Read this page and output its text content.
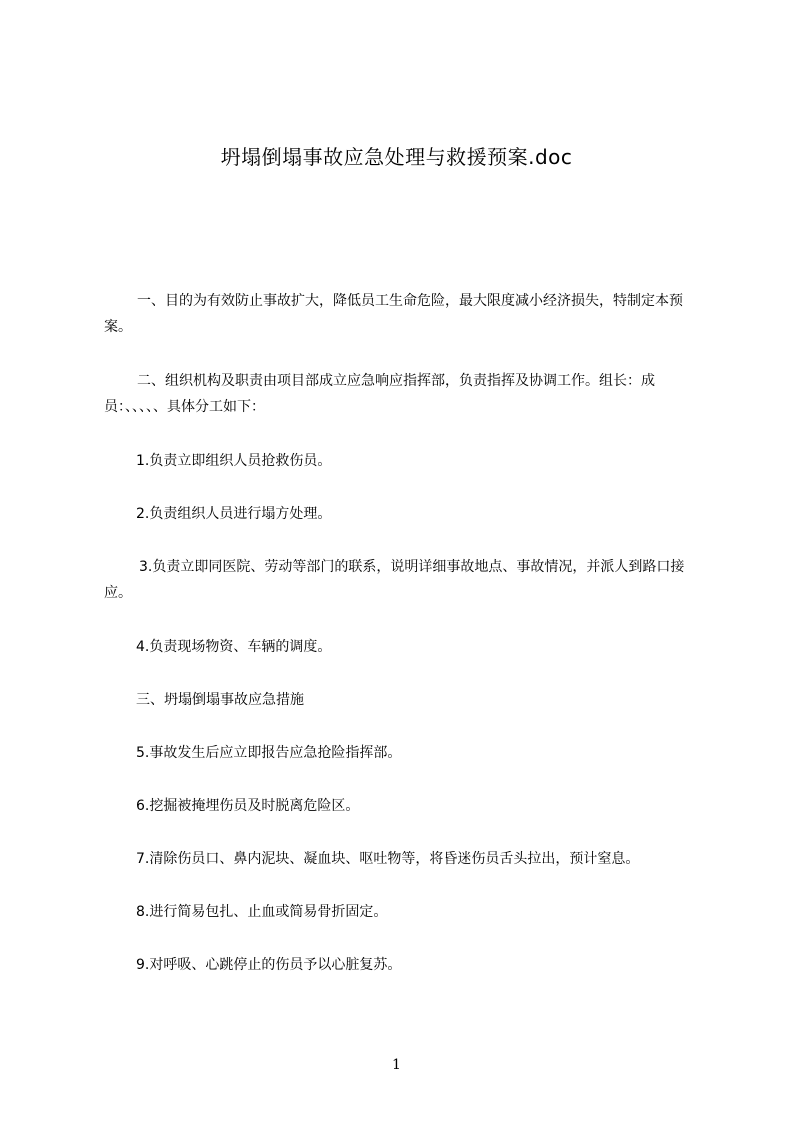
坍塌倒塌事故应急处理与救援预案.doc

一、目的为有效防止事故扩大，降低员工生命危险，最大限度减小经济损失，特制定本预案。

二、组织机构及职责由项目部成立应急响应指挥部，负责指挥及协调工作。组长：成员：、、、、、具体分工如下：

1.负责立即组织人员抢救伤员。

2.负责组织人员进行塌方处理。

3.负责立即同医院、劳动等部门的联系，说明详细事故地点、事故情况，并派人到路口接应。

4.负责现场物资、车辆的调度。

三、坍塌倒塌事故应急措施

5.事故发生后应立即报告应急抢险指挥部。

6.挖掘被掩埋伤员及时脱离危险区。

7.清除伤员口、鼻内泥块、凝血块、呕吐物等，将昏迷伤员舌头拉出，预计窒息。

8.进行简易包扎、止血或简易骨折固定。

9.对呼吸、心跳停止的伤员予以心脏复苏。

1
